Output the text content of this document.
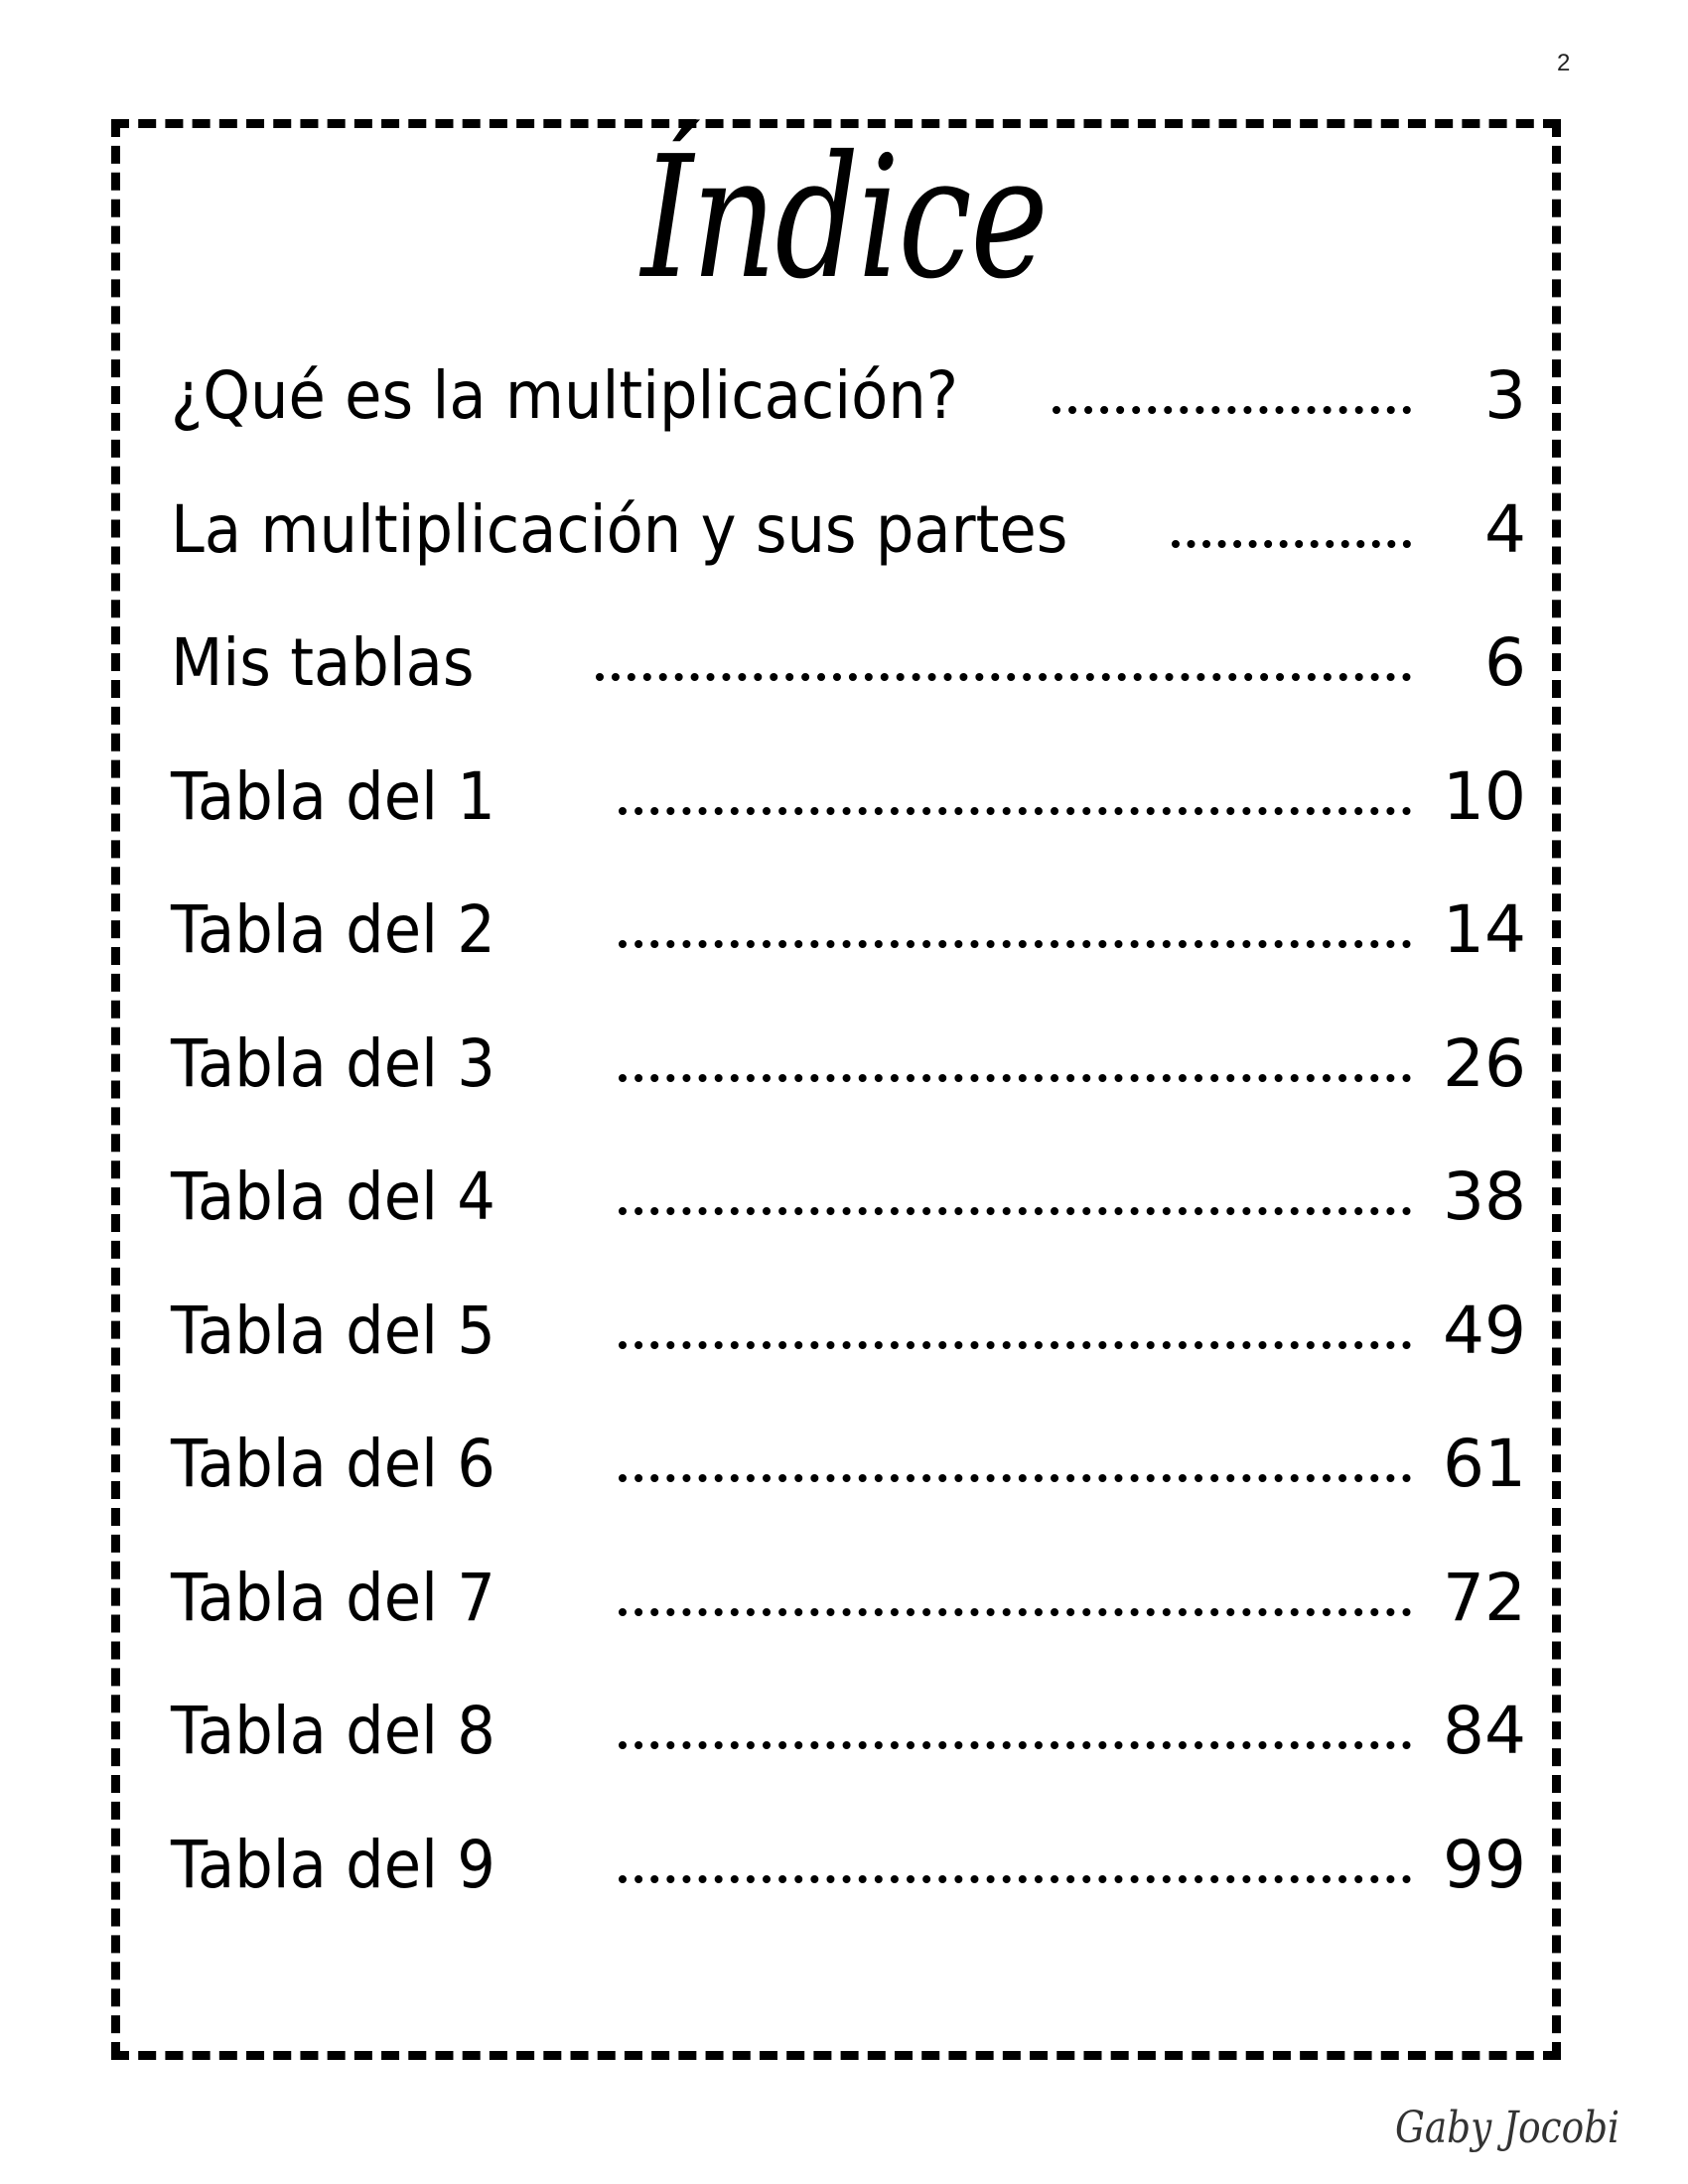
2
Índice
¿Qué es la multiplicación?	3
La multiplicación y sus partes	4
Mis tablas	6
Tabla del 1	10
Tabla del 2	14
Tabla del 3	26
Tabla del 4	38
Tabla del 5	49
Tabla del 6	61
Tabla del 7	72
Tabla del 8	84
Tabla del 9	99
Gaby Jocobi
